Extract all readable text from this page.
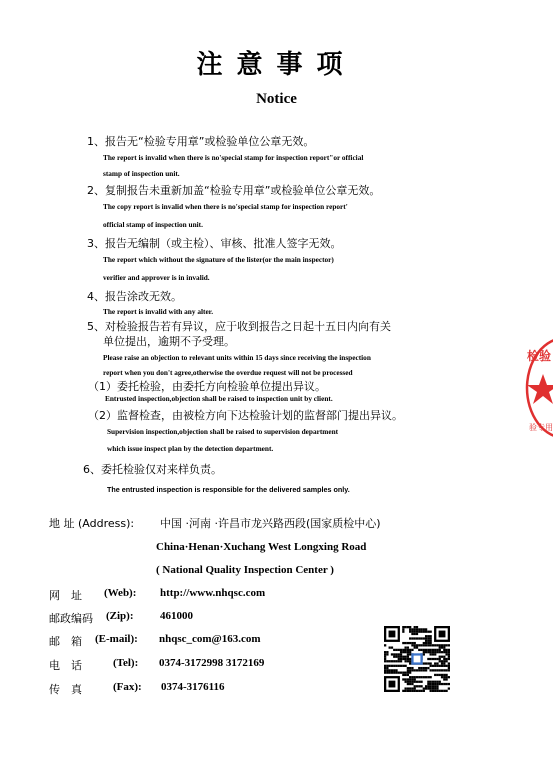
注意事项
Notice
1、报告无“检验专用章”或检验单位公章无效。
The report is invalid when there is no'special stamp for inspection report"or official
stamp of inspection unit.
2、复制报告未重新加盖“检验专用章”或检验单位公章无效。
The copy report is invalid when there is no'special stamp for inspection report'
official stamp of inspection unit.
3、报告无编制（或主检）、审核、批准人签字无效。
The report which without the signature of the lister(or the main inspector)
verifier and approver is in invalid.
4、报告涂改无效。
The report is invalid with any alter.
5、对检验报告若有异议，应于收到报告之日起十五日内向有关
单位提出，逾期不予受理。
Please raise an objection to relevant units within 15 days since receiving the inspection
report when you don't agree,otherwise the overdue request will not be processed
（1）委托检验，由委托方向检验单位提出异议。
Entrusted inspection,objection shall be raised to inspection unit by client.
（2）监督检查，由被检方向下达检验计划的监督部门提出异议。
Supervision inspection,objection shall be raised to supervision department
which issue inspect plan by the detection department.
6、委托检验仅对来样负责。
The entrusted inspection is responsible for the delivered samples only.
地 址 (Address): 中国 ·河南 ·许昌市龙兴路西段(国家质检中心)
China·Henan·Xuchang West Longxing Road
( National Quality Inspection Center )
网　址 (Web): http://www.nhqsc.com
邮政编码 (Zip): 461000
邮　箱 (E-mail): nhqsc_com@163.com
电　话	(Tel): 0374-3172998 3172169
传　真	(Fax): 0374-3176116
检验
验专用
